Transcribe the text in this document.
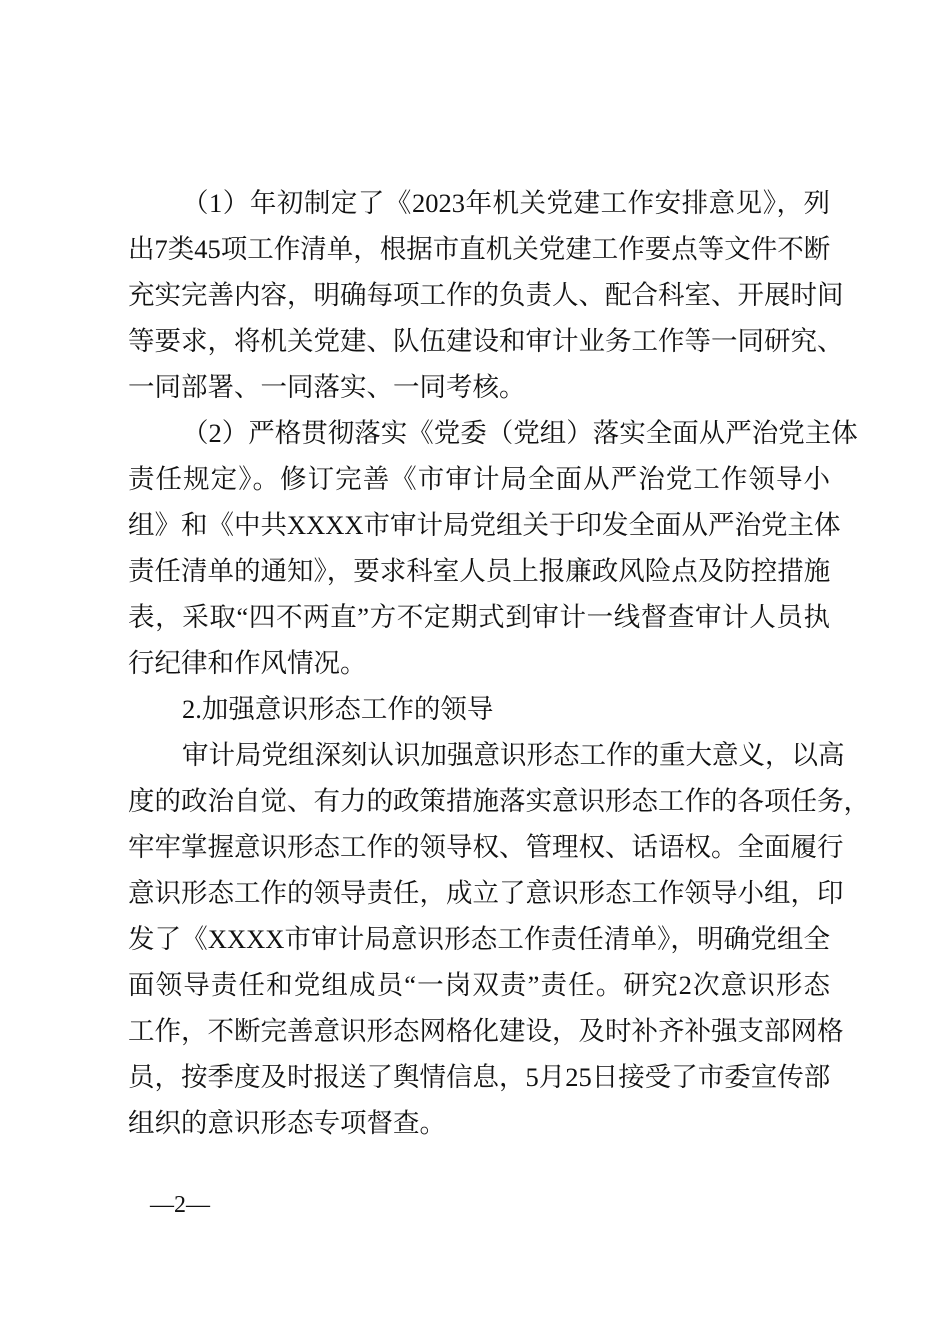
（1）年初制定了《2023年机关党建工作安排意见》，列
出7类45项工作清单，根据市直机关党建工作要点等文件不断
充实完善内容，明确每项工作的负责人、配合科室、开展时间
等要求，将机关党建、队伍建设和审计业务工作等一同研究、
一同部署、一同落实、一同考核。
（2）严格贯彻落实《党委（党组）落实全面从严治党主体
责任规定》。修订完善《市审计局全面从严治党工作领导小
组》和《中共XXXX市审计局党组关于印发全面从严治党主体
责任清单的通知》，要求科室人员上报廉政风险点及防控措施
表，采取“四不两直”方不定期式到审计一线督查审计人员执
行纪律和作风情况。
2.加强意识形态工作的领导
审计局党组深刻认识加强意识形态工作的重大意义，以高
度的政治自觉、有力的政策措施落实意识形态工作的各项任务，
牢牢掌握意识形态工作的领导权、管理权、话语权。全面履行
意识形态工作的领导责任，成立了意识形态工作领导小组，印
发了《XXXX市审计局意识形态工作责任清单》，明确党组全
面领导责任和党组成员“一岗双责”责任。研究2次意识形态
工作，不断完善意识形态网格化建设，及时补齐补强支部网格
员，按季度及时报送了舆情信息，5月25日接受了市委宣传部
组织的意识形态专项督查。
—2—
